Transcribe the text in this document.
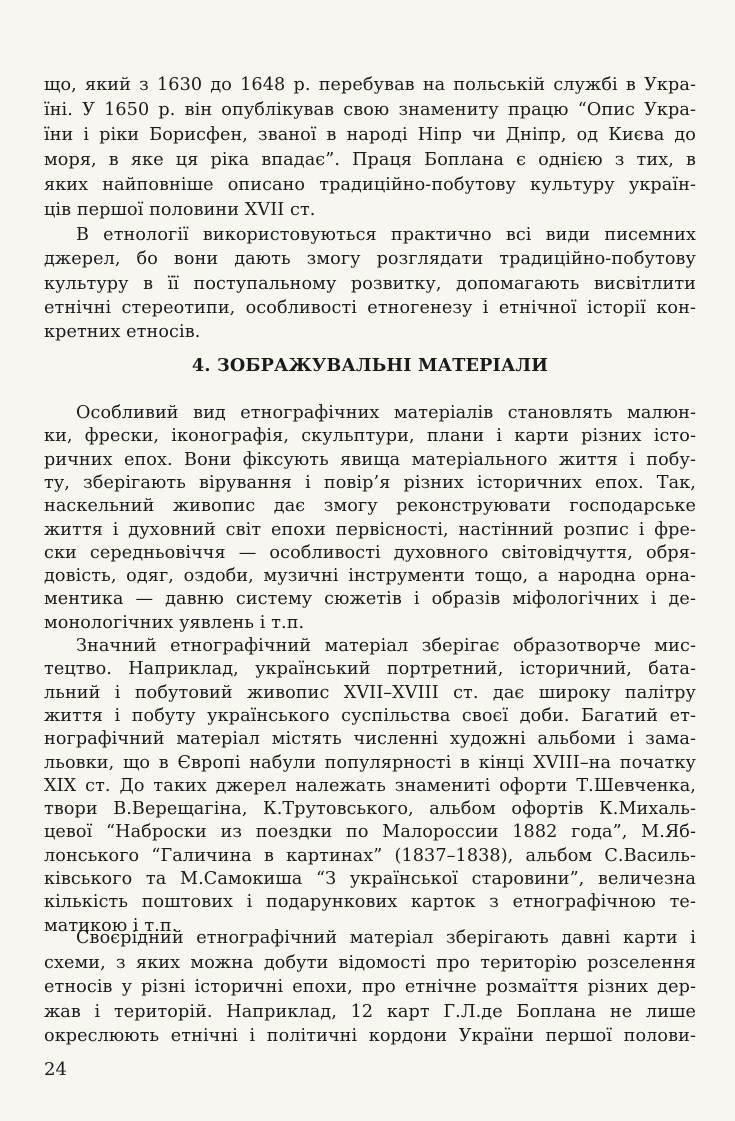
що, який з 1630 до 1648 р. перебував на польській службі в Укра-
їні. У 1650 р. він опублікував свою знамениту працю “Опис Укра-
їни і ріки Борисфен, званої в народі Ніпр чи Дніпр, од Києва до
моря, в яке ця ріка впадає”. Праця Боплана є однією з тих, в
яких найповніше описано традиційно-побутову культуру україн-
ців першої половини XVII ст.
В етнології використовуються практично всі види писемних
джерел, бо вони дають змогу розглядати традиційно-побутову
культуру в її поступальному розвитку, допомагають висвітлити
етнічні стереотипи, особливості етногенезу і етнічної історії кон-
кретних етносів.
4. ЗОБРАЖУВАЛЬНІ МАТЕРІАЛИ
Особливий вид етнографічних матеріалів становлять малюн-
ки, фрески, іконографія, скульптури, плани і карти різних істо-
ричних епох. Вони фіксують явища матеріального життя і побу-
ту, зберігають вірування і повір’я різних історичних епох. Так,
наскельний живопис дає змогу реконструювати господарське
життя і духовний світ епохи первісності, настінний розпис і фре-
ски середньовіччя — особливості духовного світовідчуття, обря-
довість, одяг, оздоби, музичні інструменти тощо, а народна орна-
ментика — давню систему сюжетів і образів міфологічних і де-
монологічних уявлень і т.п.
Значний етнографічний матеріал зберігає образотворче мис-
тецтво. Наприклад, український портретний, історичний, бата-
льний і побутовий живопис XVII–XVIII ст. дає широку палітру
життя і побуту українського суспільства своєї доби. Багатий ет-
нографічний матеріал містять численні художні альбоми і зама-
льовки, що в Європі набули популярності в кінці XVIII–на початку
XIX ст. До таких джерел належать знамениті офорти Т.Шевченка,
твори В.Верещагіна, К.Трутовського, альбом офортів К.Михаль-
цевої “Наброски из поездки по Малороссии 1882 года”, М.Яб-
лонського “Галичина в картинах” (1837–1838), альбом С.Василь-
ківського та М.Самокиша “З української старовини”, величезна
кількість поштових і подарункових карток з етнографічною те-
матикою і т.п.
Своєрідний етнографічний матеріал зберігають давні карти і
схеми, з яких можна добути відомості про територію розселення
етносів у різні історичні епохи, про етнічне розмаїття різних дер-
жав і територій. Наприклад, 12 карт Г.Л.де Боплана не лише
окреслюють етнічні і політичні кордони України першої полови-
24
